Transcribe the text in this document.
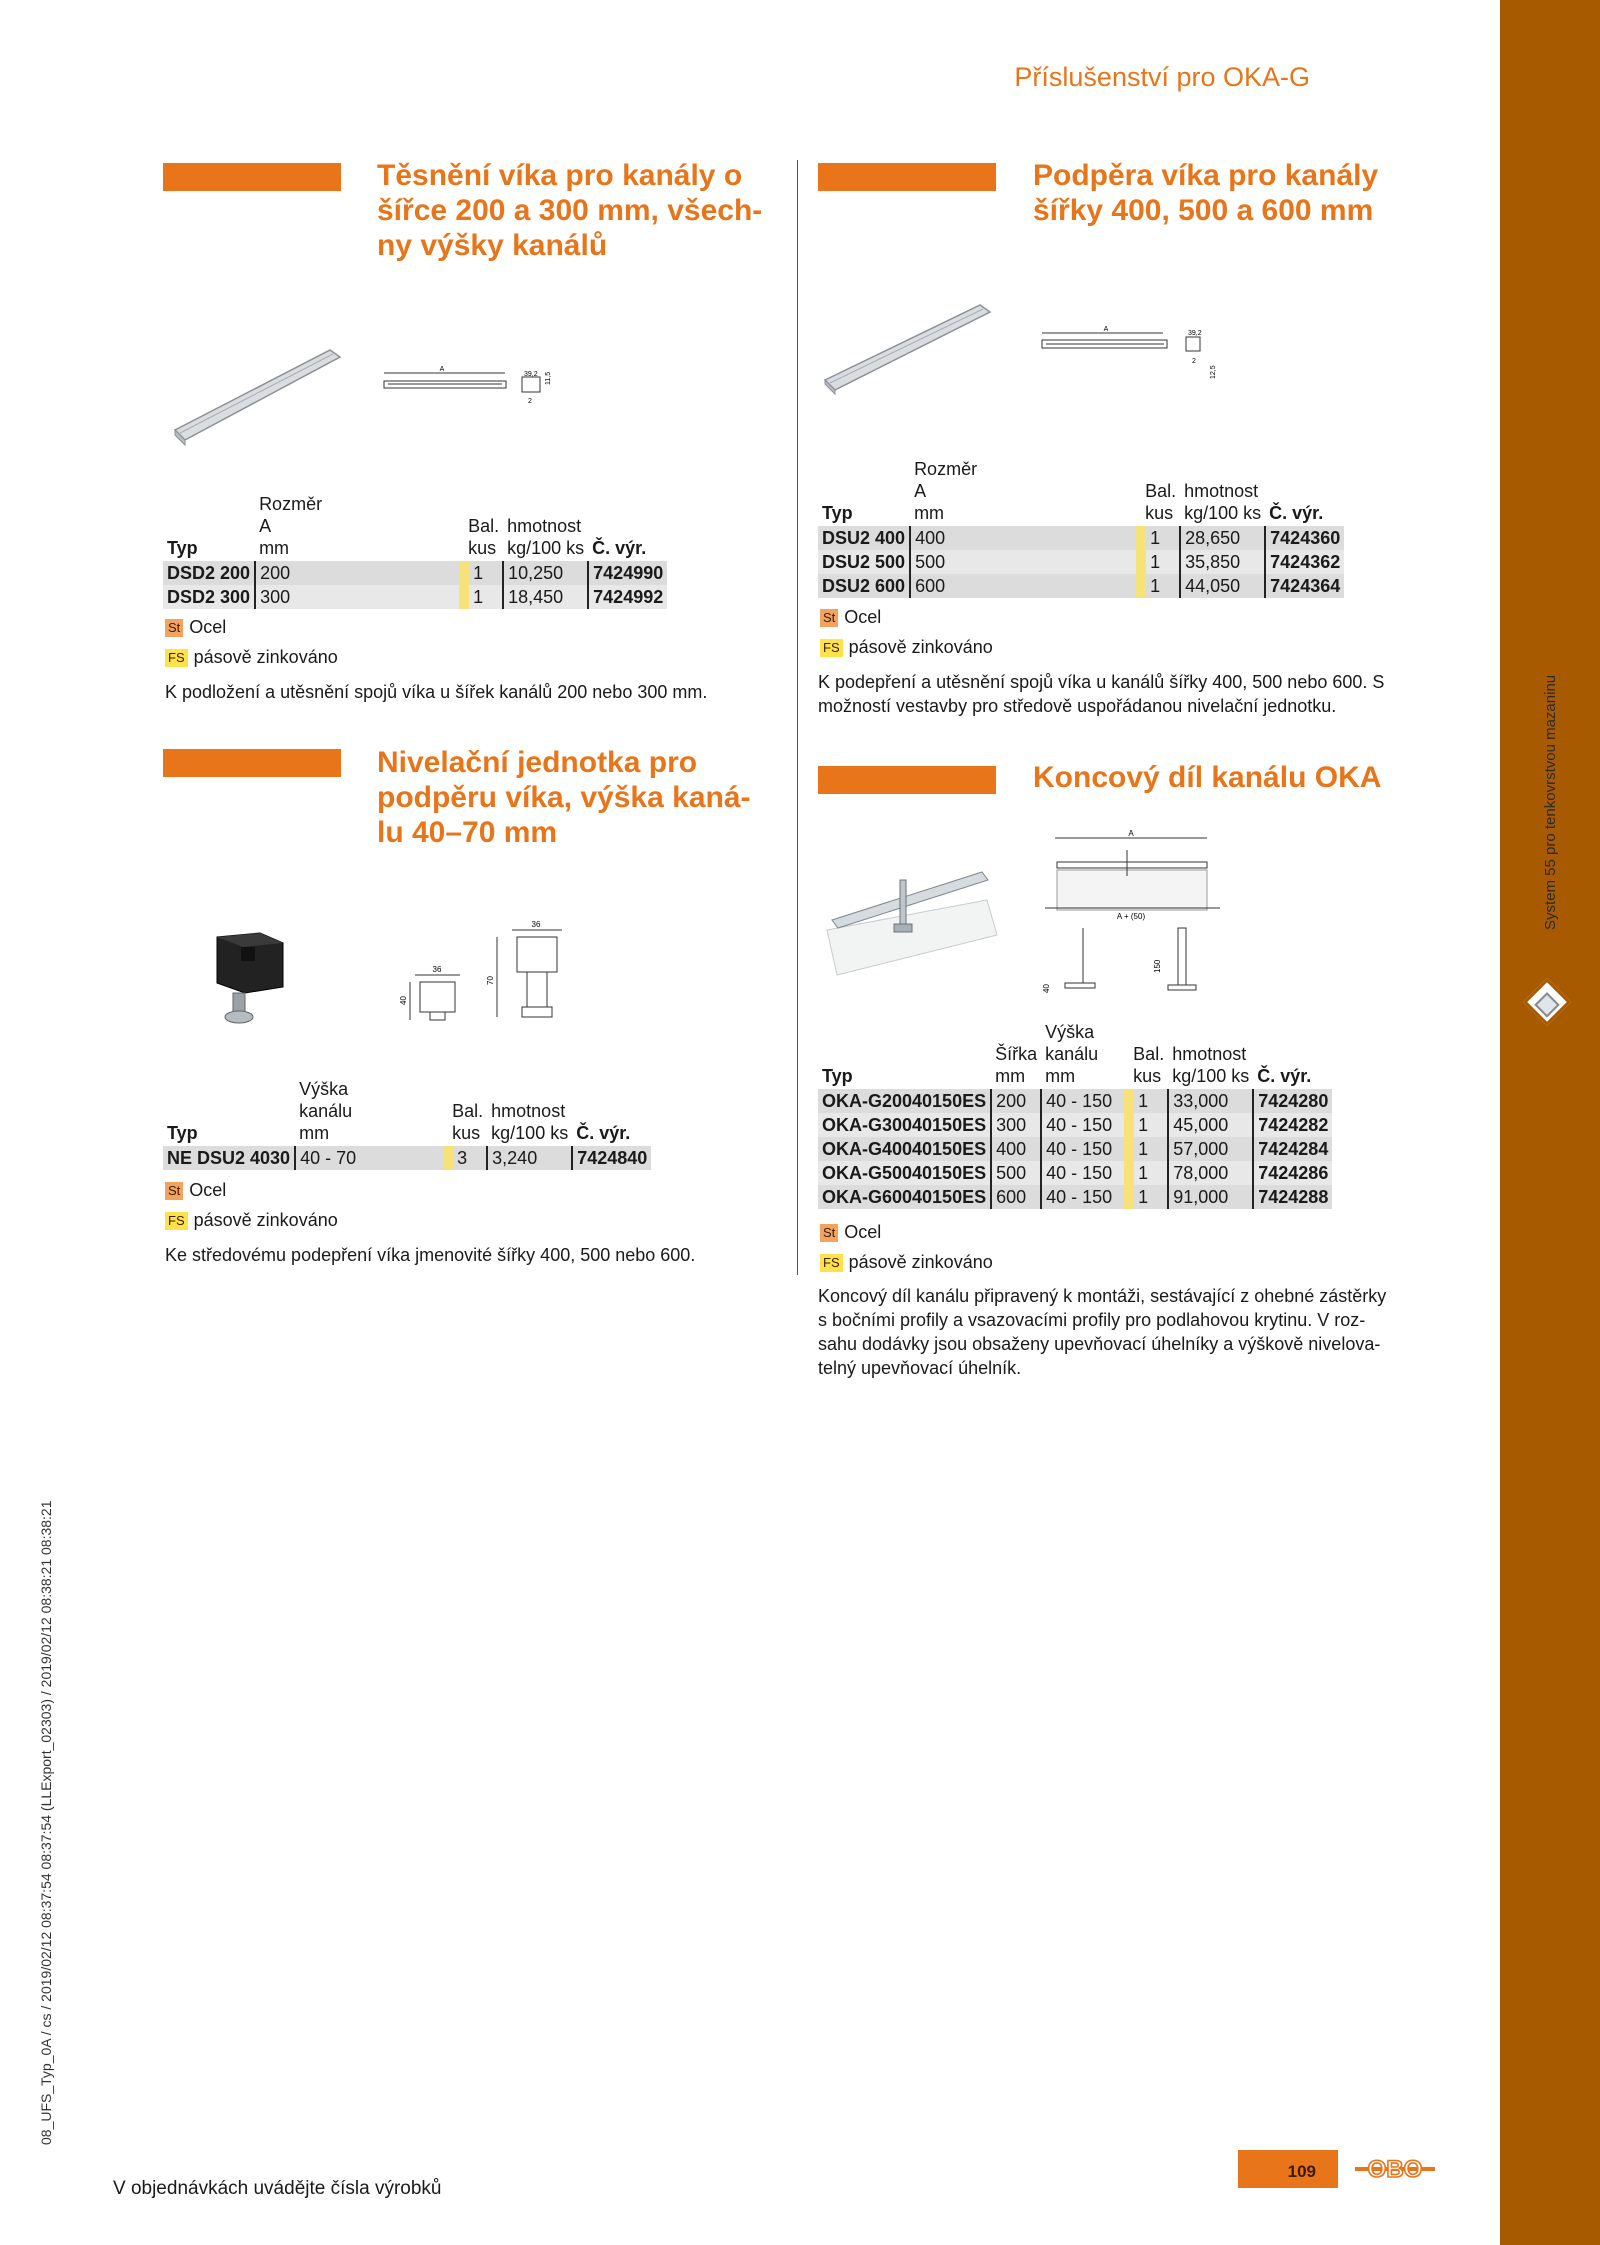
08_UFS_Typ_0A / cs / 2019/02/12 08:37:54 08:37:54 (LLExport_02303) / 2019/02/12 08:38:21 08:38:21
Příslušenství pro OKA-G
Těsnění víka pro kanály o
šířce 200 a 300 mm, všech-
ny výšky kanálů
A
39,2 11,5
2

Typ	Rozměr
A
mm		Bal.
kus	hmotnost
kg/100 ks	Č. výr.
DSD2 200	200		1	10,250	7424990
DSD2 300	300		1	18,450	7424992
St Ocel
FS pásově zinkováno
K podložení a utěsnění spojů víka u šířek kanálů 200 nebo 300 mm.
Podpěra víka pro kanály
šířky 400, 500 a 600 mm
A
39,2
2
12,5

Typ	Rozměr
A
mm		Bal.
kus	hmotnost
kg/100 ks	Č. výr.
DSU2 400	400		1	28,650	7424360
DSU2 500	500		1	35,850	7424362
DSU2 600	600		1	44,050	7424364
St Ocel
FS pásově zinkováno
K podepření a utěsnění spojů víka u kanálů šířky 400, 500 nebo 600. S
možností vestavby pro středově uspořádanou nivelační jednotku.
Nivelační jednotka pro
podpěru víka, výška kaná-
lu 40–70 mm
36
40
36
70

Typ	Výška
kanálu
mm		Bal.
kus	hmotnost
kg/100 ks	Č. výr.
NE DSU2 4030	40 - 70		3	3,240	7424840
St Ocel
FS pásově zinkováno
Ke středovému podepření víka jmenovité šířky 400, 500 nebo 600.
Koncový díl kanálu OKA
A
A + (50)
40
150

Typ	Šířka
mm	Výška
kanálu
mm		Bal.
kus	hmotnost
kg/100 ks	Č. výr.
OKA-G20040150ES	200	40 - 150		1	33,000	7424280
OKA-G30040150ES	300	40 - 150		1	45,000	7424282
OKA-G40040150ES	400	40 - 150		1	57,000	7424284
OKA-G50040150ES	500	40 - 150		1	78,000	7424286
OKA-G60040150ES	600	40 - 150		1	91,000	7424288
St Ocel
FS pásově zinkováno
Koncový díl kanálu připravený k montáži, sestávající z ohebné zástěrky
s bočními profily a vsazovacími profily pro podlahovou krytinu. V roz-
sahu dodávky jsou obsaženy upevňovací úhelníky a výškově nivelova-
telný upevňovací úhelník.
V objednávkách uvádějte čísla výrobků
109	OBO
